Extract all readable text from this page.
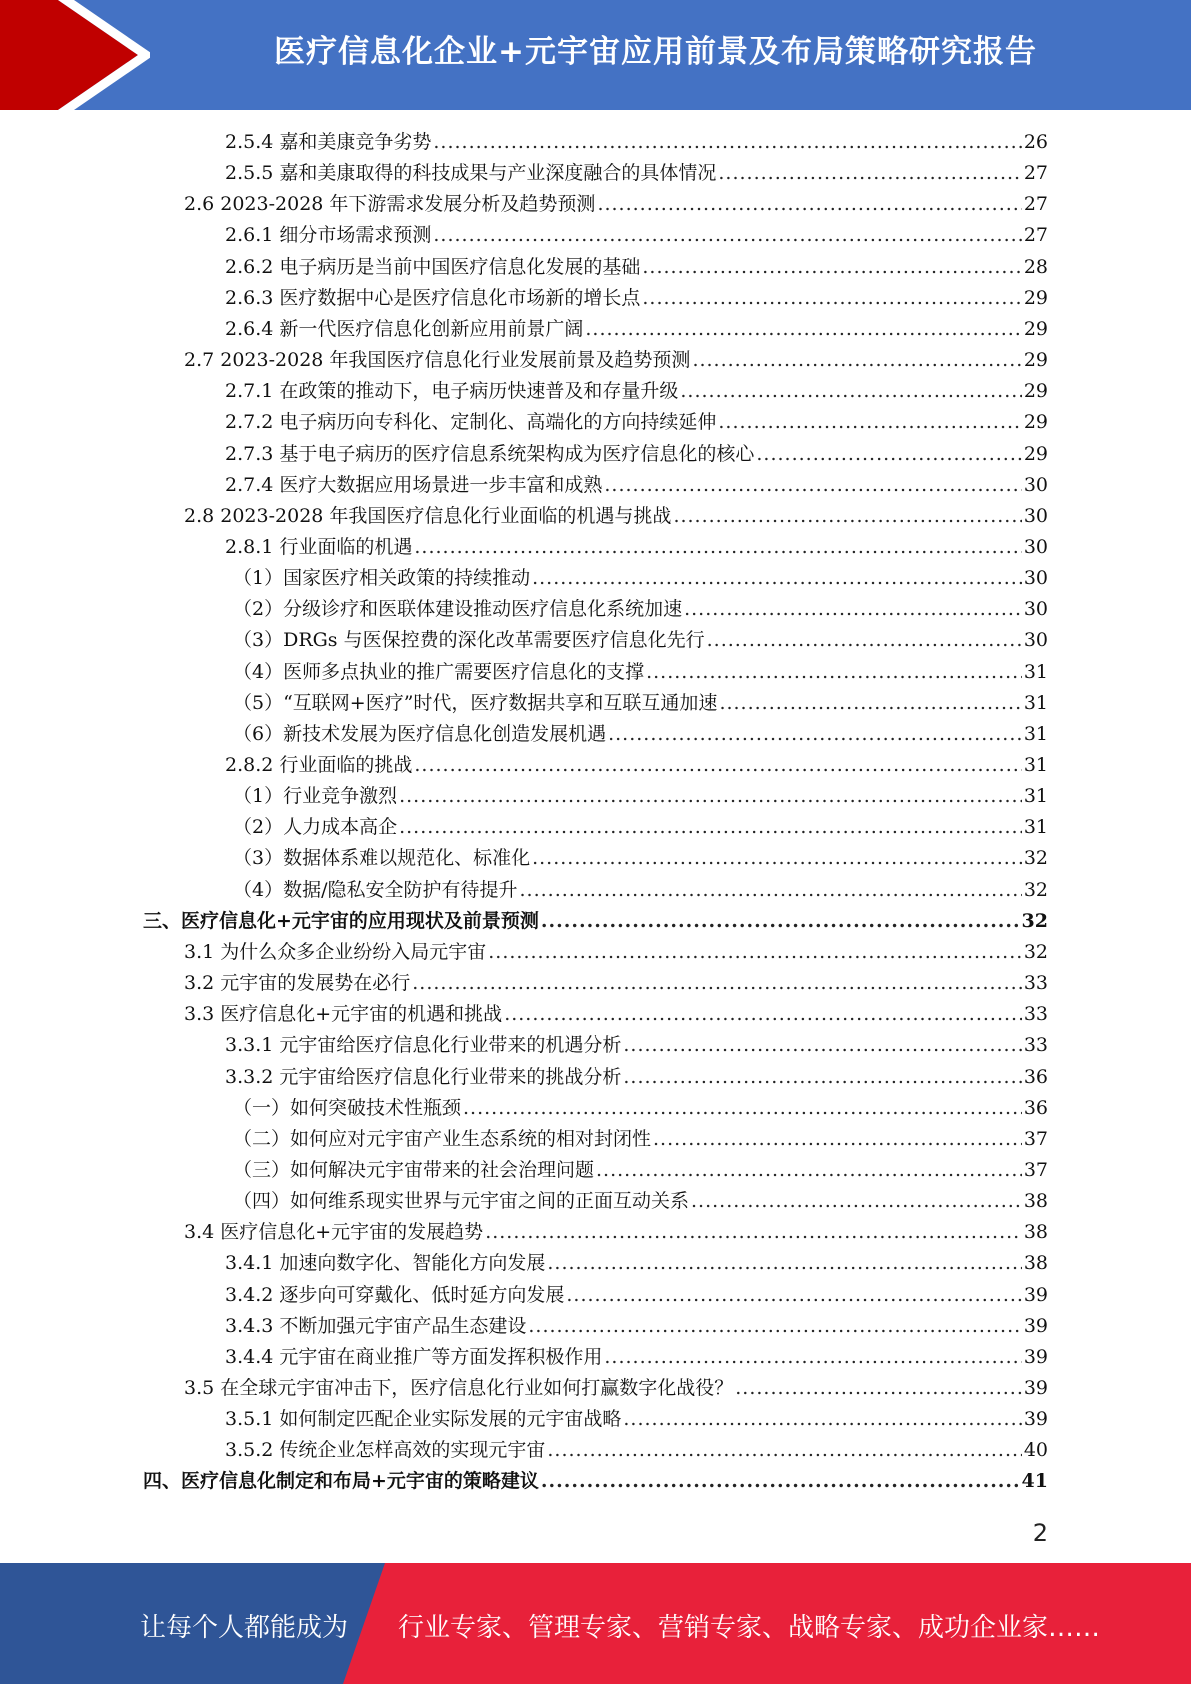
医疗信息化企业+元宇宙应用前景及布局策略研究报告
2.5.4 嘉和美康竞争劣势 .....	26
2.5.5 嘉和美康取得的科技成果与产业深度融合的具体情况 .....	27
2.6 2023-2028 年下游需求发展分析及趋势预测 .....	27
2.6.1 细分市场需求预测 .....	27
2.6.2 电子病历是当前中国医疗信息化发展的基础 .....	28
2.6.3 医疗数据中心是医疗信息化市场新的增长点 .....	29
2.6.4 新一代医疗信息化创新应用前景广阔 .....	29
2.7 2023-2028 年我国医疗信息化行业发展前景及趋势预测 .....	29
2.7.1 在政策的推动下，电子病历快速普及和存量升级 .....	29
2.7.2 电子病历向专科化、定制化、高端化的方向持续延伸 .....	29
2.7.3 基于电子病历的医疗信息系统架构成为医疗信息化的核心 .....	29
2.7.4 医疗大数据应用场景进一步丰富和成熟 .....	30
2.8 2023-2028 年我国医疗信息化行业面临的机遇与挑战 .....	30
2.8.1 行业面临的机遇 .....	30
（1）国家医疗相关政策的持续推动 .....	30
（2）分级诊疗和医联体建设推动医疗信息化系统加速 .....	30
（3）DRGs 与医保控费的深化改革需要医疗信息化先行 .....	30
（4）医师多点执业的推广需要医疗信息化的支撑 .....	31
（5）“互联网+医疗”时代，医疗数据共享和互联互通加速 .....	31
（6）新技术发展为医疗信息化创造发展机遇 .....	31
2.8.2 行业面临的挑战 .....	31
（1）行业竞争激烈 .....	31
（2）人力成本高企 .....	31
（3）数据体系难以规范化、标准化 .....	32
（4）数据/隐私安全防护有待提升 .....	32
三、医疗信息化+元宇宙的应用现状及前景预测 .....	32
3.1 为什么众多企业纷纷入局元宇宙 .....	32
3.2 元宇宙的发展势在必行 .....	33
3.3 医疗信息化+元宇宙的机遇和挑战 .....	33
3.3.1 元宇宙给医疗信息化行业带来的机遇分析 .....	33
3.3.2 元宇宙给医疗信息化行业带来的挑战分析 .....	36
（一）如何突破技术性瓶颈 .....	36
（二）如何应对元宇宙产业生态系统的相对封闭性 .....	37
（三）如何解决元宇宙带来的社会治理问题 .....	37
（四）如何维系现实世界与元宇宙之间的正面互动关系 .....	38
3.4 医疗信息化+元宇宙的发展趋势 .....	38
3.4.1 加速向数字化、智能化方向发展 .....	38
3.4.2 逐步向可穿戴化、低时延方向发展 .....	39
3.4.3 不断加强元宇宙产品生态建设 .....	39
3.4.4 元宇宙在商业推广等方面发挥积极作用 .....	39
3.5 在全球元宇宙冲击下，医疗信息化行业如何打赢数字化战役？ .....	39
3.5.1 如何制定匹配企业实际发展的元宇宙战略 .....	39
3.5.2 传统企业怎样高效的实现元宇宙 .....	40
四、医疗信息化制定和布局+元宇宙的策略建议 .....	41
2
让每个人都能成为 行业专家、管理专家、营销专家、战略专家、成功企业家……
